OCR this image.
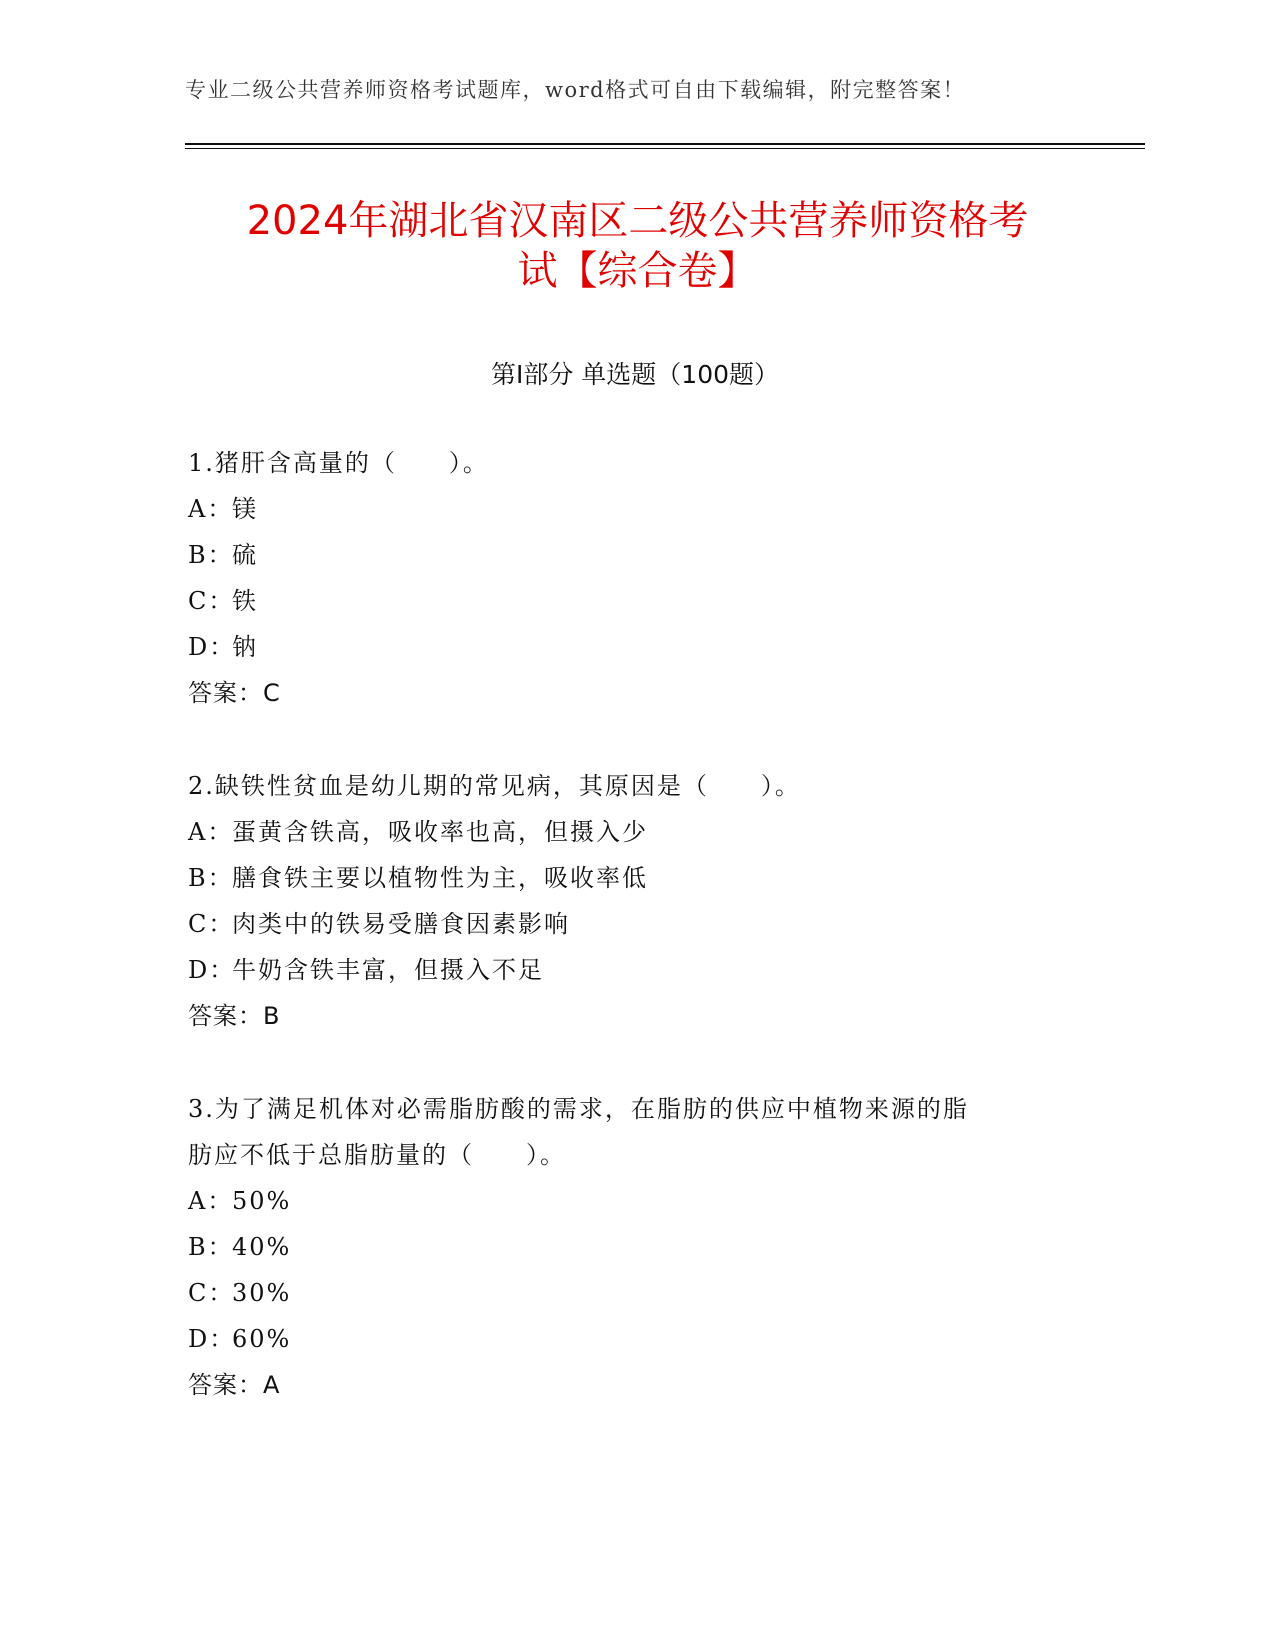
专业二级公共营养师资格考试题库，word格式可自由下载编辑，附完整答案！
2024年湖北省汉南区二级公共营养师资格考
试【综合卷】
第Ⅰ部分 单选题（100题）
1.猪肝含高量的（　　）。
A：镁
B：硫
C：铁
D：钠
答案：C
2.缺铁性贫血是幼儿期的常见病，其原因是（　　）。
A：蛋黄含铁高，吸收率也高，但摄入少
B：膳食铁主要以植物性为主，吸收率低
C：肉类中的铁易受膳食因素影响
D：牛奶含铁丰富，但摄入不足
答案：B
3.为了满足机体对必需脂肪酸的需求，在脂肪的供应中植物来源的脂
肪应不低于总脂肪量的（　　）。
A：50%
B：40%
C：30%
D：60%
答案：A
